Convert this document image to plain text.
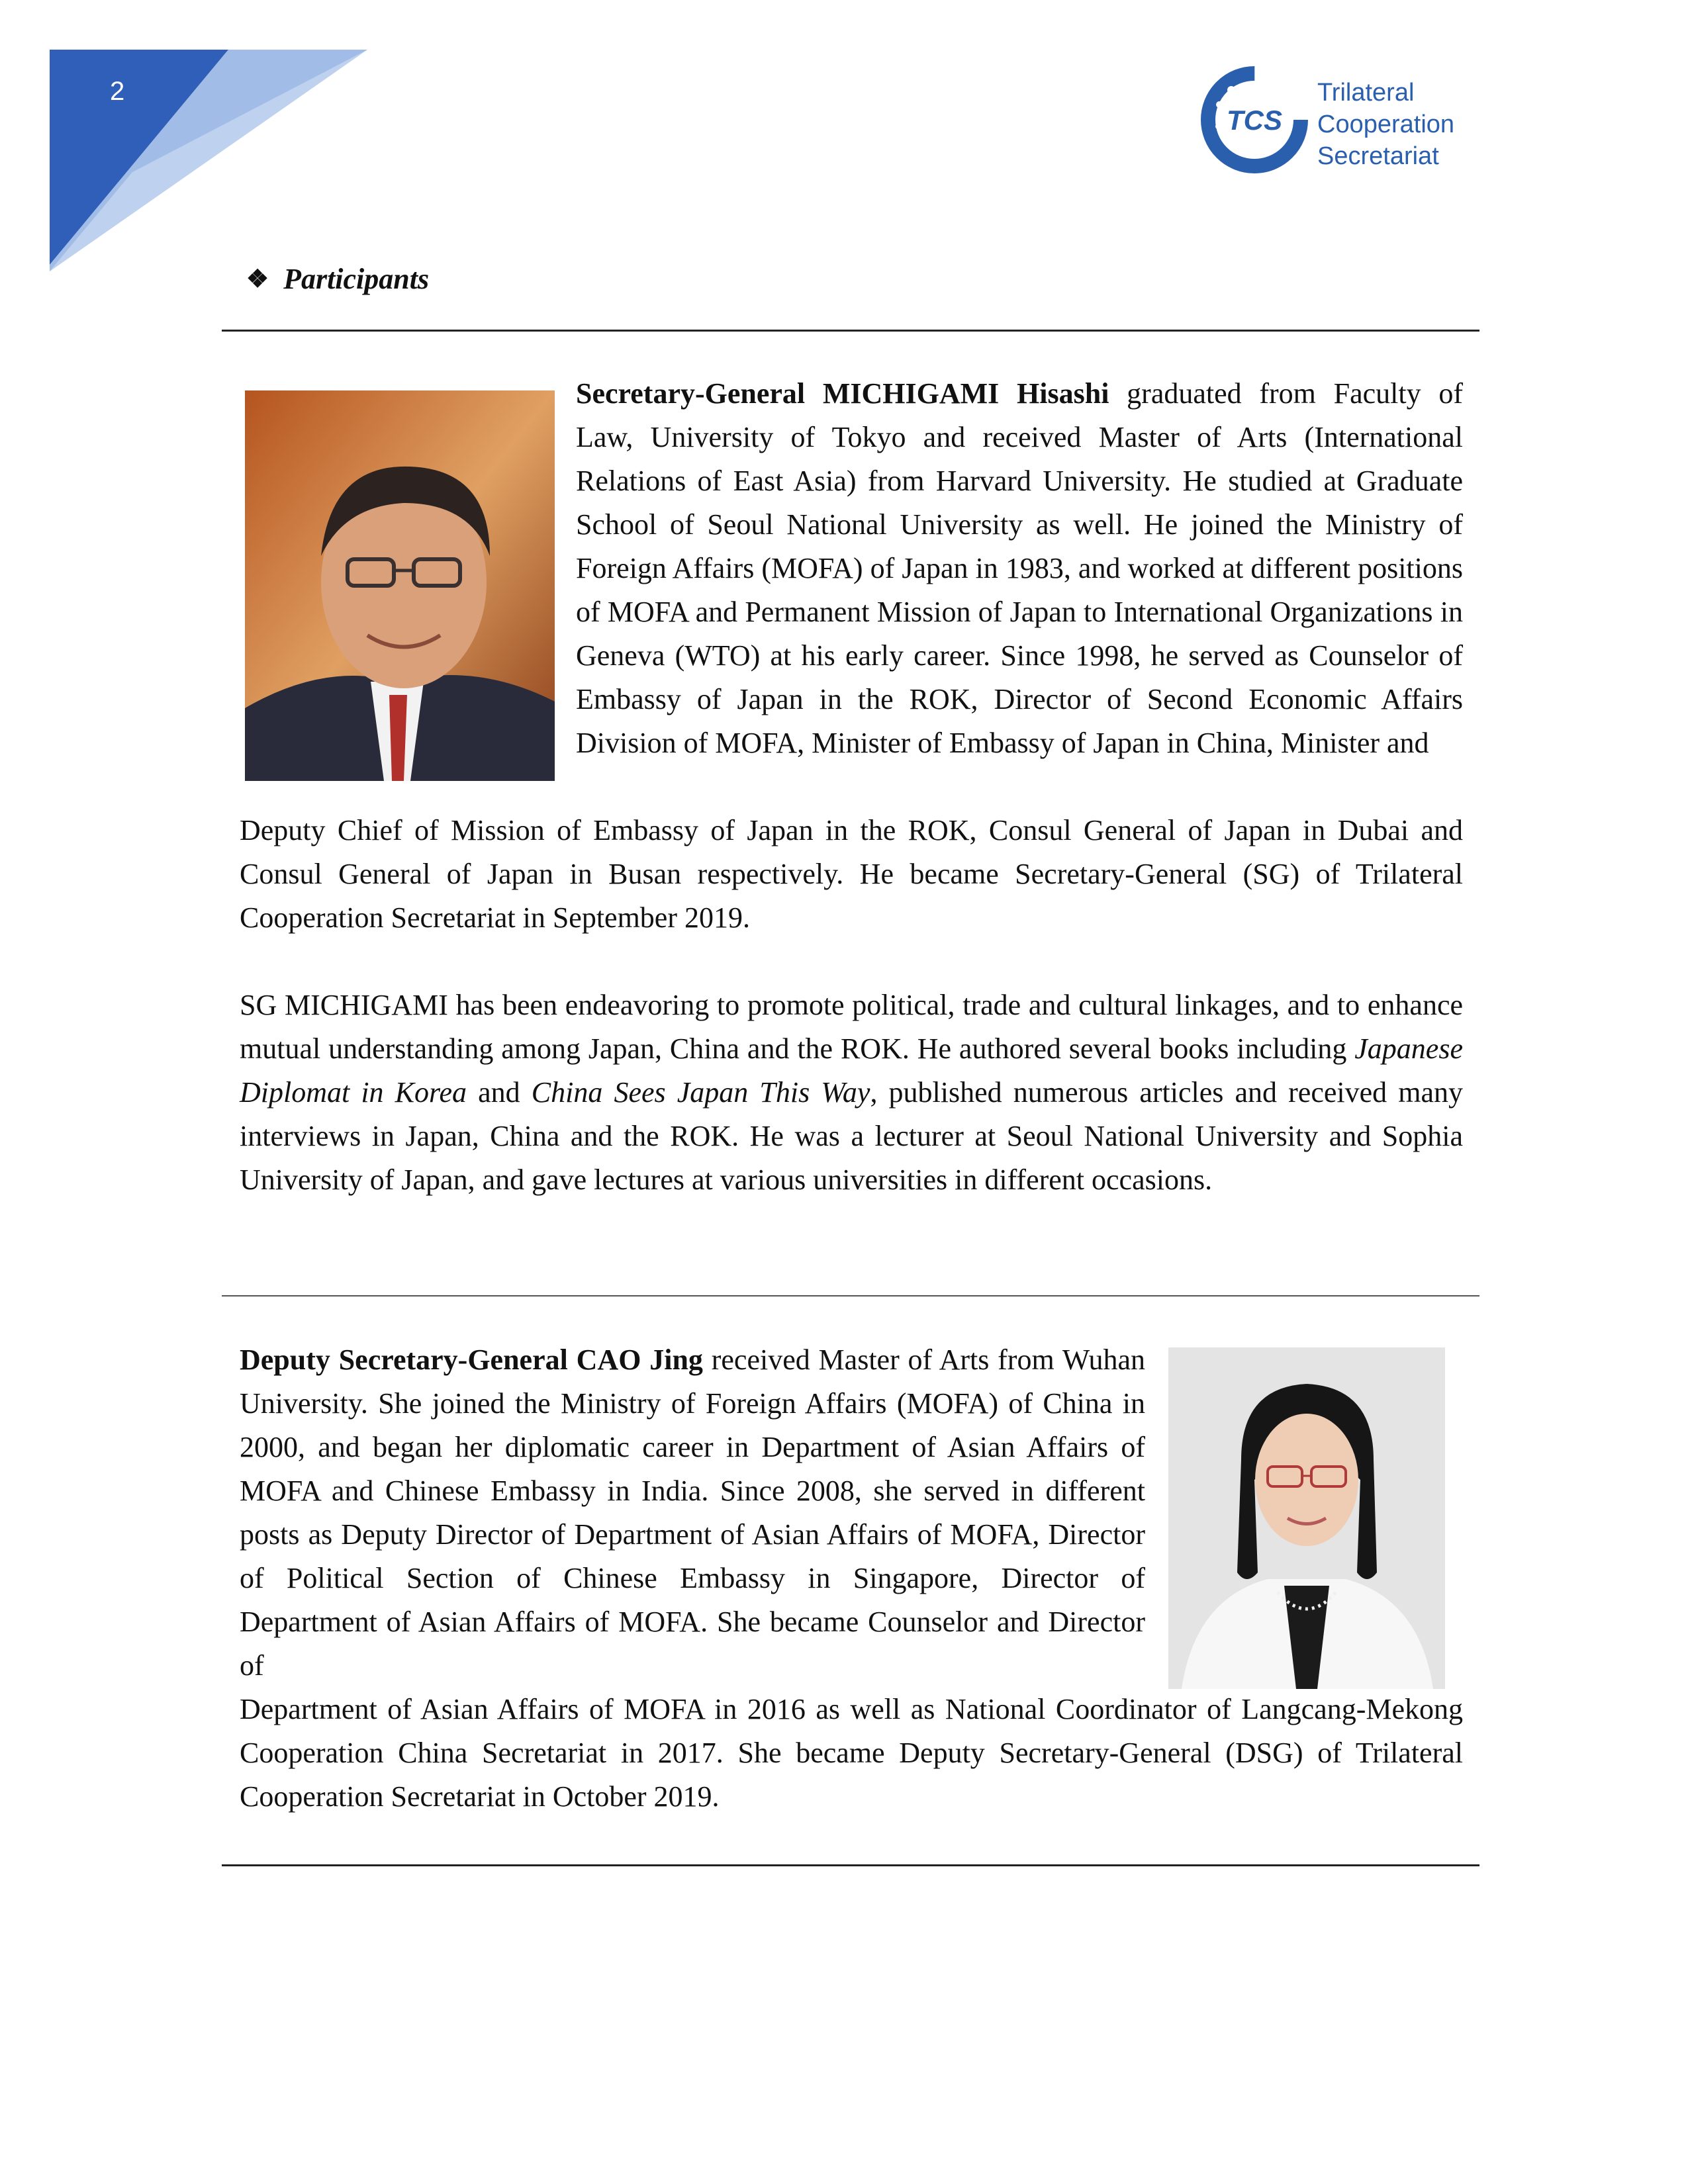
2
TCS
Trilateral
Cooperation
Secretariat
❖ Participants

Secretary-General MICHIGAMI Hisashi graduated from Faculty of Law, University of Tokyo and received Master of Arts (International Relations of East Asia) from Harvard University. He studied at Graduate School of Seoul National University as well. He joined the Ministry of Foreign Affairs (MOFA) of Japan in 1983, and worked at different positions of MOFA and Permanent Mission of Japan to International Organizations in Geneva (WTO) at his early career. Since 1998, he served as Counselor of Embassy of Japan in the ROK, Director of Second Economic Affairs Division of MOFA, Minister of Embassy of Japan in China, Minister and

Deputy Chief of Mission of Embassy of Japan in the ROK, Consul General of Japan in Dubai and Consul General of Japan in Busan respectively. He became Secretary-General (SG) of Trilateral Cooperation Secretariat in September 2019.

SG MICHIGAMI has been endeavoring to promote political, trade and cultural linkages, and to enhance mutual understanding among Japan, China and the ROK. He authored several books including Japanese Diplomat in Korea and China Sees Japan This Way, published numerous articles and received many interviews in Japan, China and the ROK. He was a lecturer at Seoul National University and Sophia University of Japan, and gave lectures at various universities in different occasions.

Deputy Secretary-General CAO Jing received Master of Arts from Wuhan University. She joined the Ministry of Foreign Affairs (MOFA) of China in 2000, and began her diplomatic career in Department of Asian Affairs of MOFA and Chinese Embassy in India. Since 2008, she served in different posts as Deputy Director of Department of Asian Affairs of MOFA, Director of Political Section of Chinese Embassy in Singapore, Director of Department of Asian Affairs of MOFA. She became Counselor and Director of

Department of Asian Affairs of MOFA in 2016 as well as National Coordinator of Langcang-Mekong Cooperation China Secretariat in 2017. She became Deputy Secretary-General (DSG) of Trilateral Cooperation Secretariat in October 2019.
